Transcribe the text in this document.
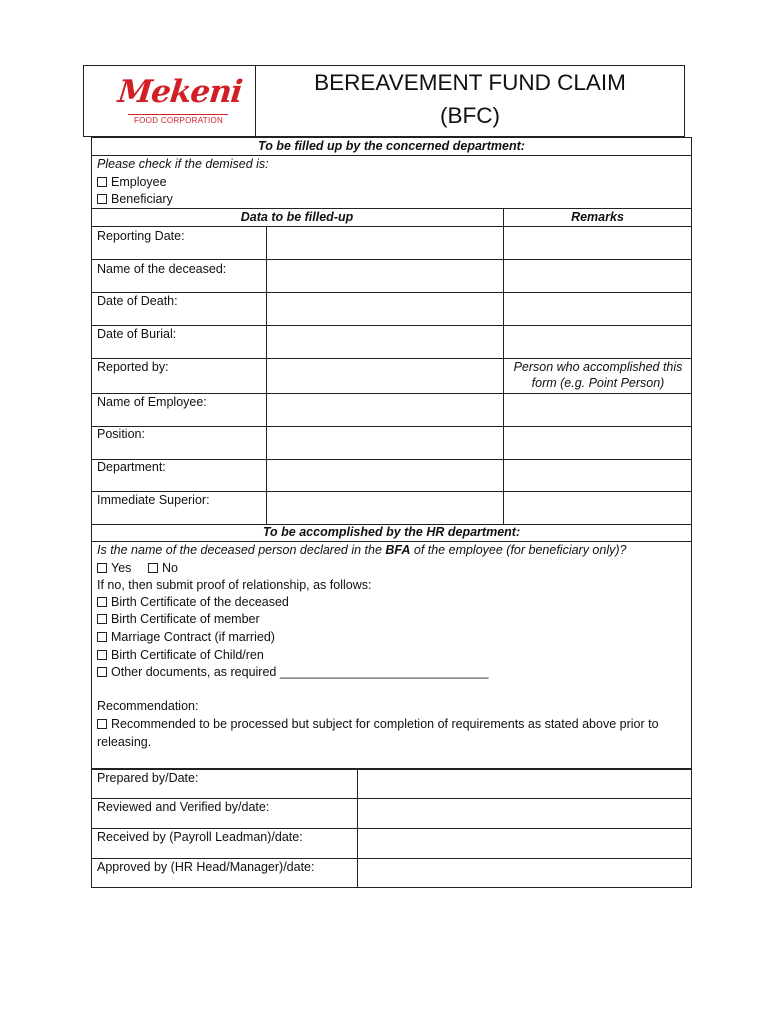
Mekeni
FOOD CORPORATION
BEREAVEMENT FUND CLAIM
(BFC)
To be filled up by the concerned department:
Please check if the demised is:
Employee
Beneficiary
Data to be filled-up	Remarks
Reporting Date:
Name of the deceased:
Date of Death:
Date of Burial:
Reported by:	Person who accomplished this
form (e.g. Point Person)
Name of Employee:
Position:
Department:
Immediate Superior:
To be accomplished by the HR department:
Is the name of the deceased person declared in the BFA of the employee (for beneficiary only)?
Yes	No
If no, then submit proof of relationship, as follows:
Birth Certificate of the deceased
Birth Certificate of member
Marriage Contract (if married)
Birth Certificate of Child/ren
Other documents, as required ______________________________
Recommendation:
Recommended to be processed but subject for completion of requirements as stated above prior to
releasing.
Prepared by/Date:
Reviewed and Verified by/date:
Received by (Payroll Leadman)/date:
Approved by (HR Head/Manager)/date:
